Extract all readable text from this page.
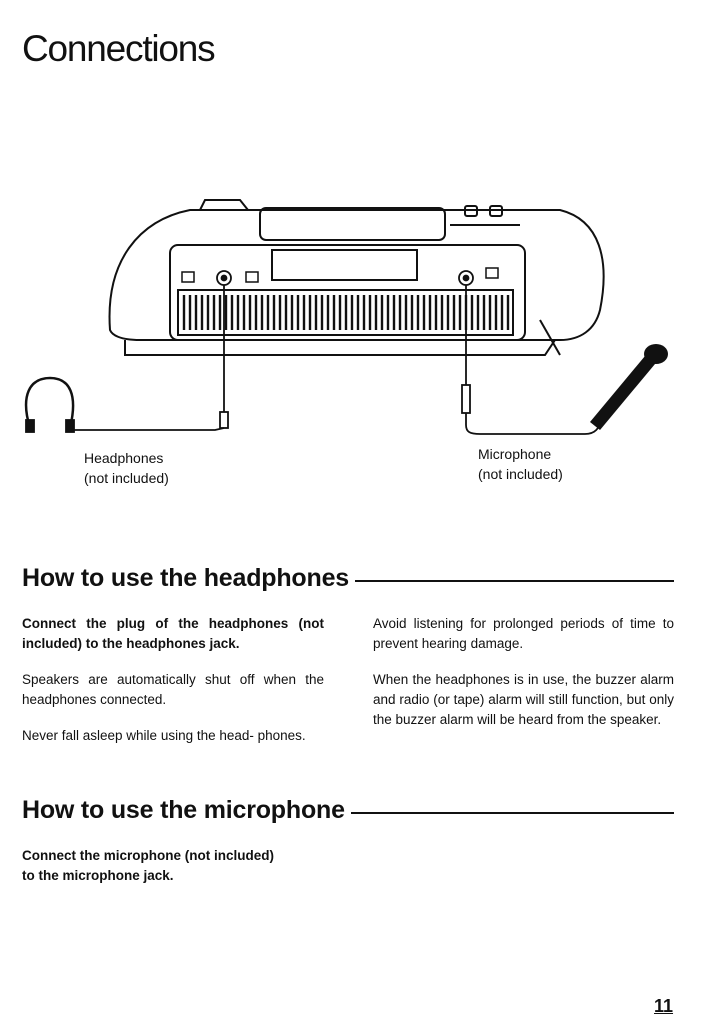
Connections

Headphones

(not included)

Microphone

(not included)

How to use the headphones

Connect the plug of the headphones (not included) to the headphones jack.

Speakers are automatically shut off when the headphones connected.

Never fall asleep while using the head- phones.

Avoid listening for prolonged periods of time to prevent hearing damage.

When the headphones is in use, the buzzer alarm and radio (or tape) alarm will still function, but only the buzzer alarm will be heard from the speaker.

How to use the microphone

Connect the microphone (not included)

to the microphone jack.

11
